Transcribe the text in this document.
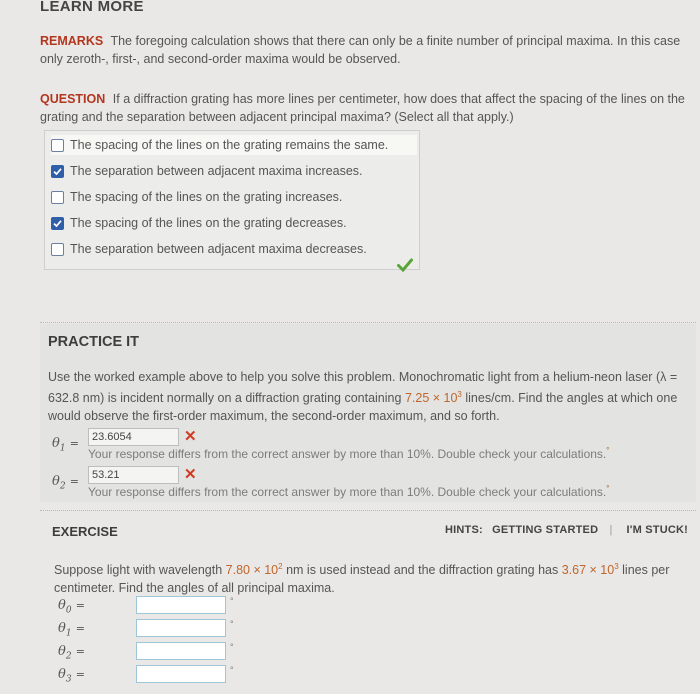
LEARN MORE
REMARKS The foregoing calculation shows that there can only be a finite number of principal maxima. In this case only zeroth-, first-, and second-order maxima would be observed.
QUESTION If a diffraction grating has more lines per centimeter, how does that affect the spacing of the lines on the grating and the separation between adjacent principal maxima? (Select all that apply.)
The spacing of the lines on the grating remains the same.
The separation between adjacent maxima increases.
The spacing of the lines on the grating increases.
The spacing of the lines on the grating decreases.
The separation between adjacent maxima decreases.
PRACTICE IT
Use the worked example above to help you solve this problem. Monochromatic light from a helium-neon laser (λ = 632.8 nm) is incident normally on a diffraction grating containing $7.25 \times 10^3$ lines/cm. Find the angles at which one would observe the first-order maximum, the second-order maximum, and so forth.
$\theta_1$ =	23.6054	✕
Your response differs from the correct answer by more than 10%. Double check your calculations.°
$\theta_2$ =	53.21	✕
Your response differs from the correct answer by more than 10%. Double check your calculations.°
EXERCISE	HINTS: GETTING STARTED | I'M STUCK!
Suppose light with wavelength $7.80 \times 10^2$ nm is used instead and the diffraction grating has $3.67 \times 10^3$ lines per centimeter. Find the angles of all principal maxima.
$\theta_0$ =	°
$\theta_1$ =	°
$\theta_2$ =	°
$\theta_3$ =	°
